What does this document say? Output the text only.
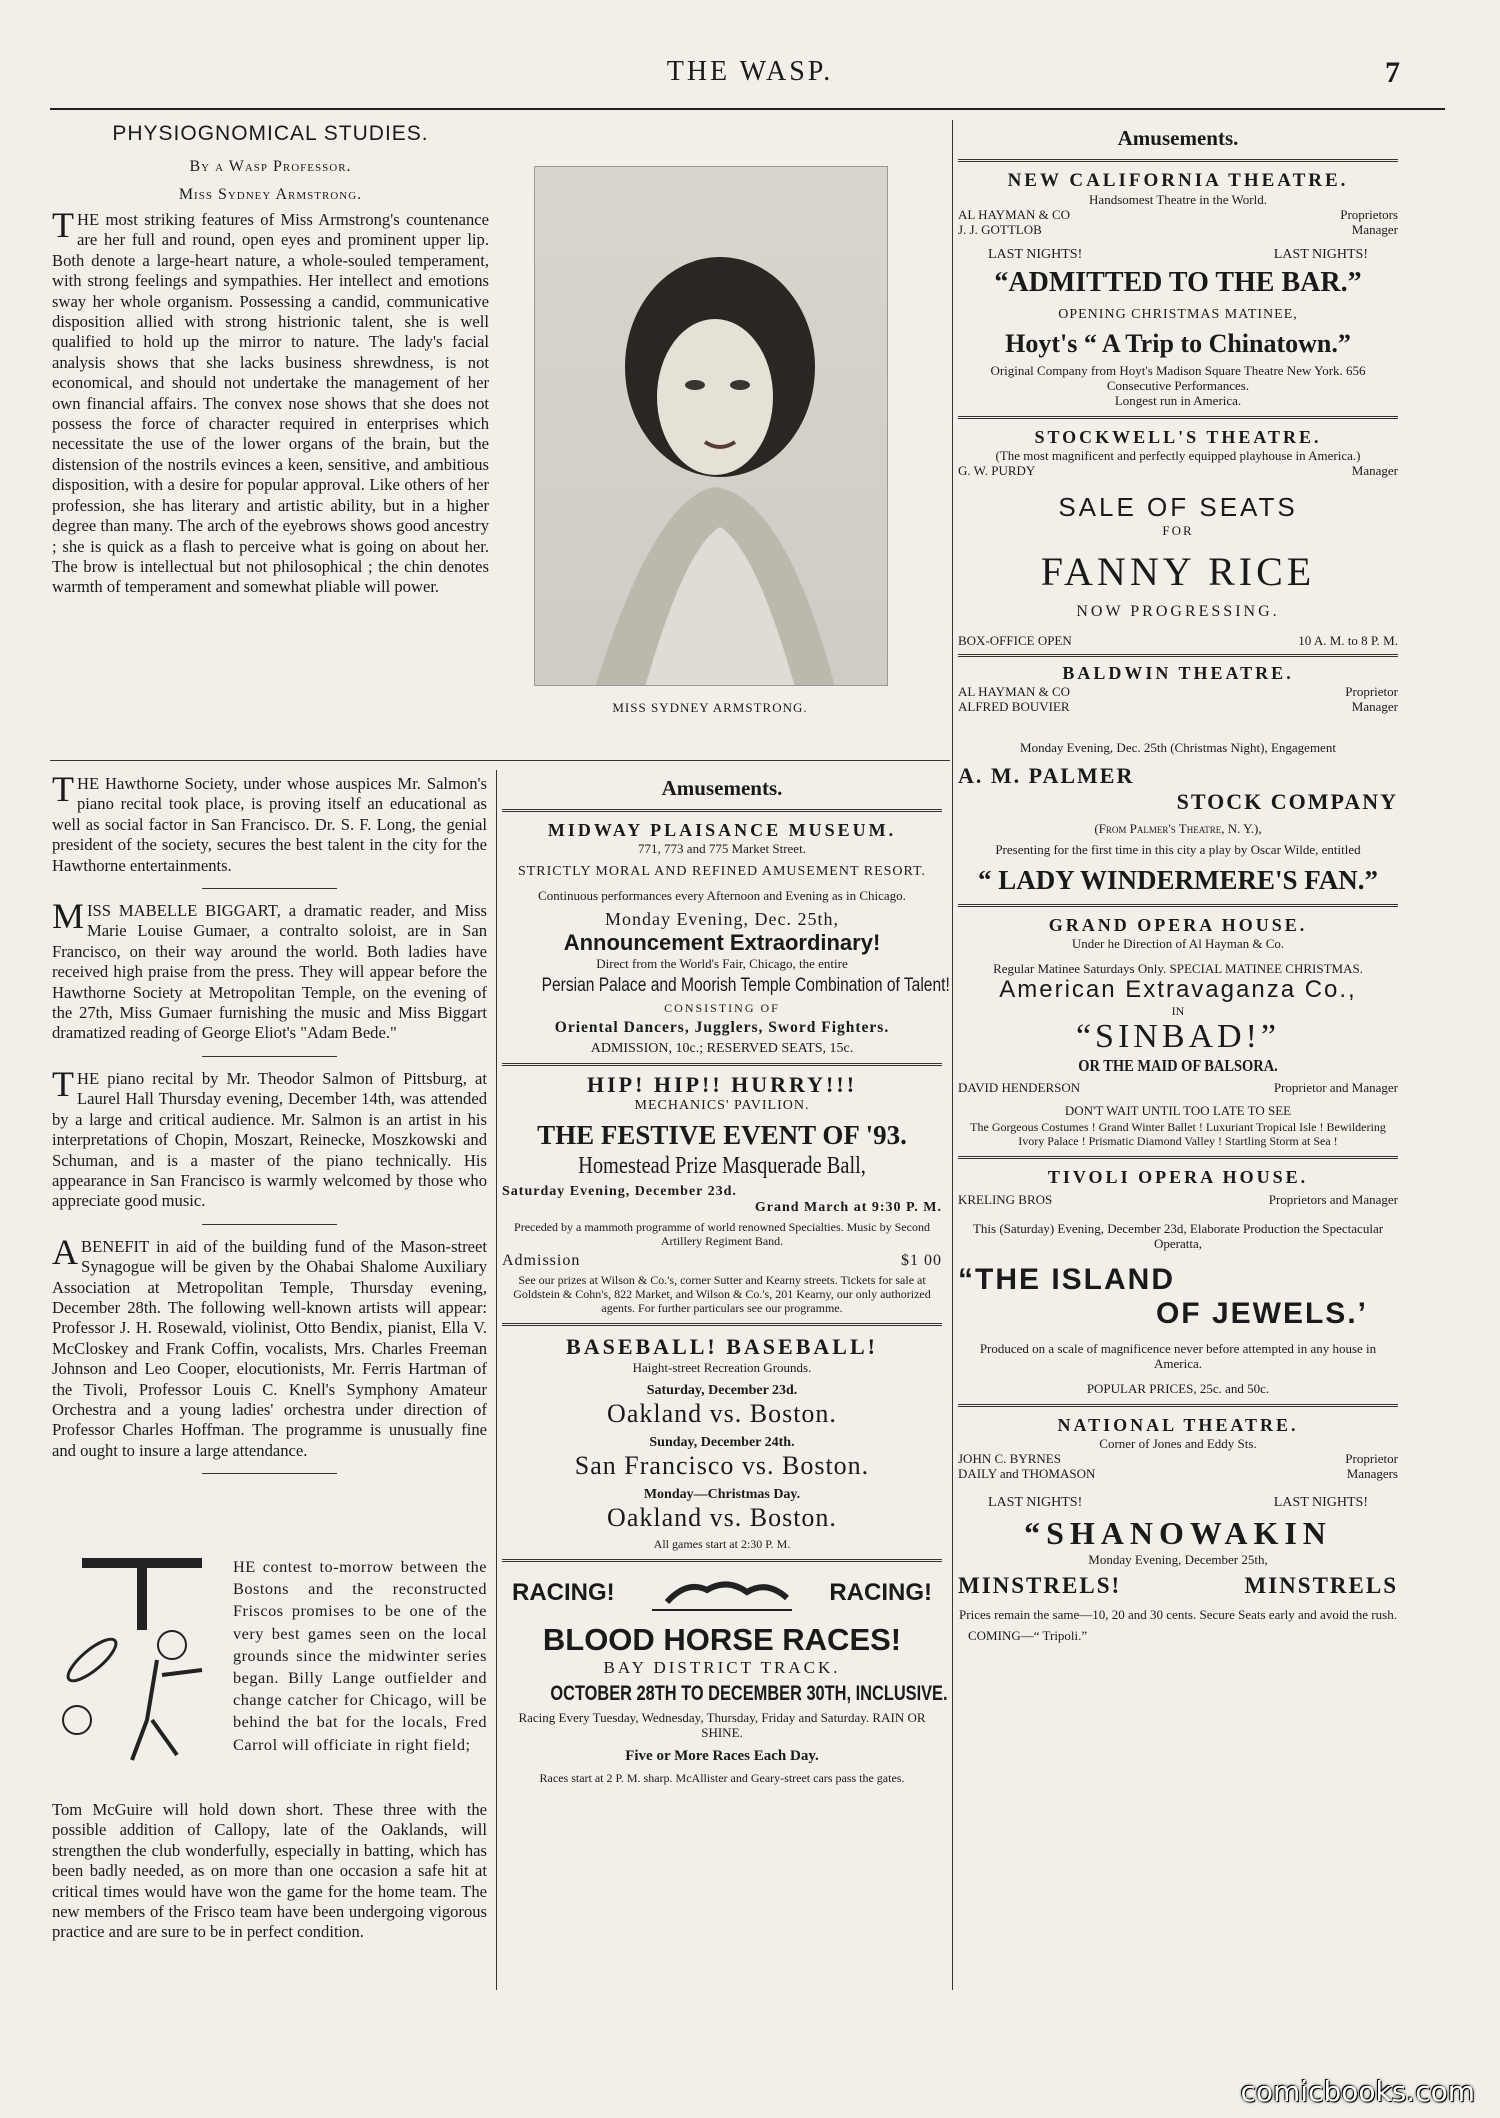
THE WASP.	7
PHYSIOGNOMICAL STUDIES.
By a Wasp Professor.
Miss Sydney Armstrong.

THE most striking features of Miss Armstrong's countenance are her full and round, open eyes and prominent upper lip. Both denote a large-heart nature, a whole-souled temperament, with strong feelings and sympathies. Her intellect and emotions sway her whole organism. Possessing a candid, communicative disposition allied with strong histrionic talent, she is well qualified to hold up the mirror to nature. The lady's facial analysis shows that she lacks business shrewdness, is not economical, and should not undertake the management of her own financial affairs. The convex nose shows that she does not possess the force of character required in enterprises which necessitate the use of the lower organs of the brain, but the distension of the nostrils evinces a keen, sensitive, and ambitious disposition, with a desire for popular approval. Like others of her profession, she has literary and artistic ability, but in a higher degree than many. The arch of the eyebrows shows good ancestry ; she is quick as a flash to perceive what is going on about her. The brow is intellectual but not philosophical ; the chin denotes warmth of temperament and somewhat pliable will power.

MISS SYDNEY ARMSTRONG.

THE Hawthorne Society, under whose auspices Mr. Salmon's piano recital took place, is proving itself an educational as well as social factor in San Francisco. Dr. S. F. Long, the genial president of the society, secures the best talent in the city for the Hawthorne entertainments.

MISS MABELLE BIGGART, a dramatic reader, and Miss Marie Louise Gumaer, a contralto soloist, are in San Francisco, on their way around the world. Both ladies have received high praise from the press. They will appear before the Hawthorne Society at Metropolitan Temple, on the evening of the 27th, Miss Gumaer furnishing the music and Miss Biggart dramatized reading of George Eliot's "Adam Bede."

THE piano recital by Mr. Theodor Salmon of Pittsburg, at Laurel Hall Thursday evening, December 14th, was attended by a large and critical audience. Mr. Salmon is an artist in his interpretations of Chopin, Moszart, Reinecke, Moszkowski and Schuman, and is a master of the piano technically. His appearance in San Francisco is warmly welcomed by those who appreciate good music.

ABENEFIT in aid of the building fund of the Mason-street Synagogue will be given by the Ohabai Shalome Auxiliary Association at Metropolitan Temple, Thursday evening, December 28th. The following well-known artists will appear: Professor J. H. Rosewald, violinist, Otto Bendix, pianist, Ella V. McCloskey and Frank Coffin, vocalists, Mrs. Charles Freeman Johnson and Leo Cooper, elocutionists, Mr. Ferris Hartman of the Tivoli, Professor Louis C. Knell's Symphony Amateur Orchestra and a young ladies' orchestra under direction of Professor Charles Hoffman. The programme is unusually fine and ought to insure a large attendance.

HE contest to-morrow between the Bostons and the reconstructed Friscos promises to be one of the very best games seen on the local grounds since the midwinter series began. Billy Lange outfielder and change catcher for Chicago, will be behind the bat for the locals, Fred Carrol will officiate in right field;
Tom McGuire will hold down short. These three with the possible addition of Callopy, late of the Oaklands, will strengthen the club wonderfully, especially in batting, which has been badly needed, as on more than one occasion a safe hit at critical times would have won the game for the home team. The new members of the Frisco team have been undergoing vigorous practice and are sure to be in perfect condition.
Amusements.
MIDWAY PLAISANCE MUSEUM.
771, 773 and 775 Market Street.
STRICTLY MORAL AND REFINED AMUSEMENT RESORT.
Continuous performances every Afternoon and Evening as in Chicago.
Monday Evening, Dec. 25th,
Announcement Extraordinary!
Direct from the World's Fair, Chicago, the entire
Persian Palace and Moorish Temple Combination of Talent!
CONSISTING OF
Oriental Dancers, Jugglers, Sword Fighters.
ADMISSION, 10c.; RESERVED SEATS, 15c.
HIP! HIP!! HURRY!!!
MECHANICS' PAVILION.
THE FESTIVE EVENT OF '93.
Homestead Prize Masquerade Ball,
Saturday Evening, December 23d.
Grand March at 9:30 P. M.
Preceded by a mammoth programme of world renowned Specialties. Music by Second Artillery Regiment Band.
Admission	$1 00
See our prizes at Wilson & Co.'s, corner Sutter and Kearny streets. Tickets for sale at Goldstein & Cohn's, 822 Market, and Wilson & Co.'s, 201 Kearny, our only authorized agents. For further particulars see our programme.
BASEBALL! BASEBALL!
Haight-street Recreation Grounds.
Saturday, December 23d.
Oakland vs. Boston.
Sunday, December 24th.
San Francisco vs. Boston.
Monday—Christmas Day.
Oakland vs. Boston.
All games start at 2:30 P. M.
RACING!	RACING!
BLOOD HORSE RACES!
BAY DISTRICT TRACK.
OCTOBER 28TH TO DECEMBER 30TH, INCLUSIVE.
Racing Every Tuesday, Wednesday, Thursday, Friday and Saturday. RAIN OR SHINE.
Five or More Races Each Day.
Races start at 2 P. M. sharp. McAllister and Geary-street cars pass the gates.
Amusements.
NEW CALIFORNIA THEATRE.
Handsomest Theatre in the World.
AL HAYMAN & CO	Proprietors
J. J. GOTTLOB	Manager
LAST NIGHTS!	LAST NIGHTS!
“ADMITTED TO THE BAR.”
OPENING CHRISTMAS MATINEE,
Hoyt's “ A Trip to Chinatown.”
Original Company from Hoyt's Madison Square Theatre New York. 656 Consecutive Performances.
Longest run in America.
STOCKWELL'S THEATRE.
(The most magnificent and perfectly equipped playhouse in America.)
G. W. PURDY	Manager
SALE OF SEATS
FOR
FANNY RICE
NOW PROGRESSING.
BOX-OFFICE OPEN	10 A. M. to 8 P. M.
BALDWIN THEATRE.
AL HAYMAN & CO	Proprietor
ALFRED BOUVIER	Manager
Monday Evening, Dec. 25th (Christmas Night), Engagement
A. M. PALMER
STOCK COMPANY
(From Palmer's Theatre, N. Y.),
Presenting for the first time in this city a play by Oscar Wilde, entitled
“ LADY WINDERMERE'S FAN.”
GRAND OPERA HOUSE.
Under he Direction of Al Hayman & Co.
Regular Matinee Saturdays Only. SPECIAL MATINEE CHRISTMAS.
American Extravaganza Co.,
IN
“SINBAD!”
OR THE MAID OF BALSORA.
DAVID HENDERSON	Proprietor and Manager
DON'T WAIT UNTIL TOO LATE TO SEE
The Gorgeous Costumes ! Grand Winter Ballet ! Luxuriant Tropical Isle ! Bewildering Ivory Palace ! Prismatic Diamond Valley ! Startling Storm at Sea !
TIVOLI OPERA HOUSE.
KRELING BROS	Proprietors and Manager
This (Saturday) Evening, December 23d, Elaborate Production the Spectacular Operatta,
“THE ISLAND
OF JEWELS.’
Produced on a scale of magnificence never before attempted in any house in America.
POPULAR PRICES, 25c. and 50c.
NATIONAL THEATRE.
Corner of Jones and Eddy Sts.
JOHN C. BYRNES	Proprietor
DAILY and THOMASON	Managers
LAST NIGHTS!	LAST NIGHTS!
“SHANOWAKIN
Monday Evening, December 25th,
MINSTRELS!	MINSTRELS
Prices remain the same—10, 20 and 30 cents. Secure Seats early and avoid the rush.
COMING—“ Tripoli.”
comicbooks.com
